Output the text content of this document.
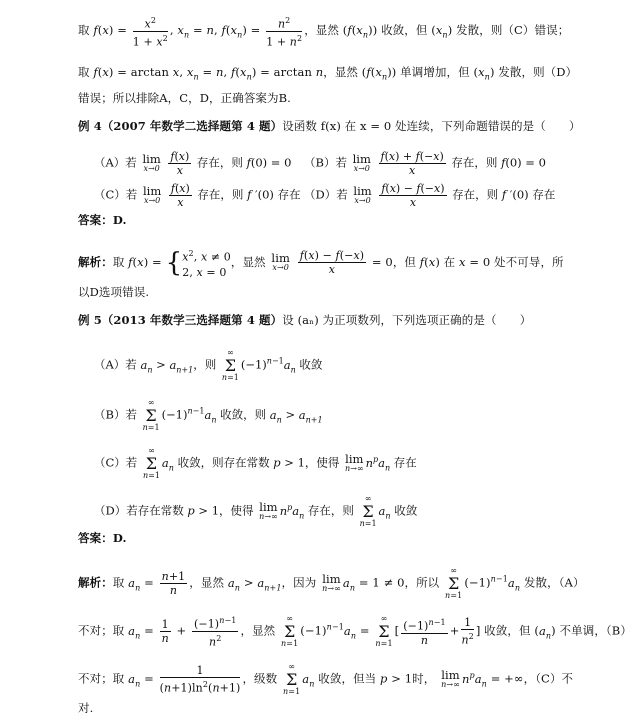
取 $f(x) = \frac{x^2}{1 + x^2}$ , $x_n = n$, $f(x_n) = \frac{n^2}{1 + n^2}$ ，显然 $(f(x_n))$ 收敛，但 $(x_n)$ 发散，则（C）错误；
取 f(x) = arctan x, $x_n = n$, $f(x_n) = \arctan n$，显然 $(f(x_n))$ 单调增加，但 $(x_n)$ 发散，则（D）
错误；所以排除A，C，D，正确答案为B.
例 4（2007 年数学二选择题第 4 题）设函数 f(x) 在 x = 0 处连续，下列命题错误的是（　　）
（A）若 lim
x→0
$\frac{f(x)}{x}$ 存在，则 f(0) = 0 （B）若 lim
x→0
$\frac{f(x) + f(-x)}{x}$ 存在，则 f(0) = 0
（C）若 lim
x→0
$\frac{f(x)}{x}$ 存在，则 f ′(0) 存在 （D）若 lim
x→0
$\frac{f(x) - f(-x)}{x}$ 存在，则 f ′(0) 存在
答案：D.
解析：取 $f(x) = \{x^2$, x ≠ 0
2, x = 0，显然 lim
x→0
$\frac{f(x) - f(-x)}{x} = 0$，但 f(x) 在 x = 0 处不可导，所
以D选项错误.
例 5（2013 年数学三选择题第 4 题）设 (aₙ) 为正项数列，下列选项正确的是（　　）
（A）若 $a_n > a_{n+1}$，则
∞
Σ
n=1
$(-1)^{n-1}a_n$ 收敛
（B）若
∞
Σ
n=1
$(-1)^{n-1}a_n$ 收敛，则 $a_n > a_{n+1}$
（C）若
∞
Σ
n=1
$a_n$ 收敛，则存在常数 p > 1，使得 lim
n→∞ $n^pa_n$ 存在
（D）若存在常数 p > 1，使得 lim
n→∞ $n^pa_n$ 存在，则
∞
Σ
n=1
$a_n$ 收敛
答案：D.
解析：取 $a_n = \frac{n+1}{n}$ ，显然 $a_n > a_{n+1}$，因为 lim
n→∞ $a_n = 1 \ne 0$，所以
∞
Σ
n=1
$(-1)^{n-1}a_n$ 发散，（A）
不对；取 $a_n = \frac{1}{n} + \frac{(-1)^{n-1}}{n^2}$ ，显然
∞
Σ
n=1
$(-1)^{n-1}a_n$ =
∞
Σ
n=1
[ $\frac{(-1)^{n-1}}{n} + \frac{1}{n^2}$ ] 收敛，但 $(a_n)$ 不单调，（B）
不对；取 $a_n = \frac{1}{(n+1)\ln^2(n+1)}$ ，级数
∞
Σ
n=1
$a_n$ 收敛，但当 p > 1时， lim
n→∞ $n^pa_n$ = +∞，（C）不
对.
